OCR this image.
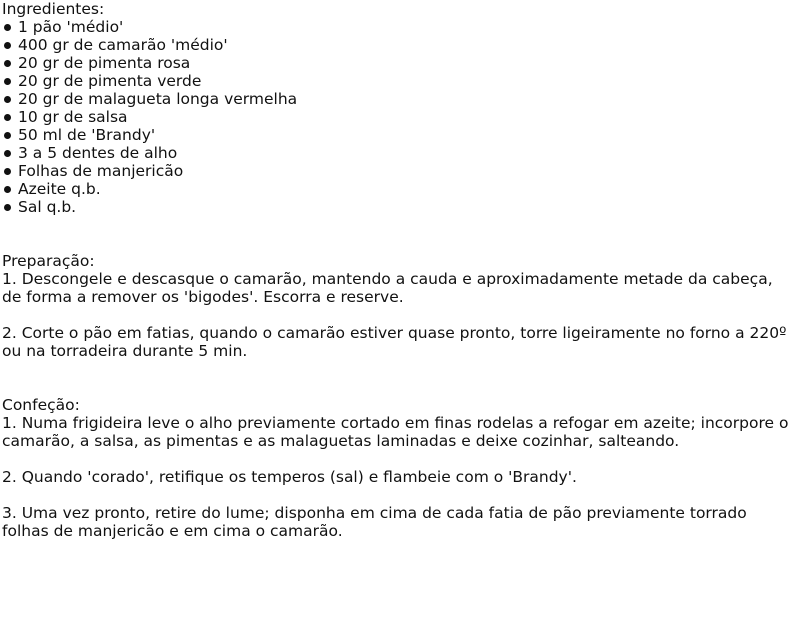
Ingredientes:

1 pão 'médio'
400 gr de camarão 'médio'
20 gr de pimenta rosa
20 gr de pimenta verde
20 gr de malagueta longa vermelha
10 gr de salsa
50 ml de 'Brandy'
3 a 5 dentes de alho
Folhas de manjericão
Azeite q.b.
Sal q.b.

Preparação:

1. Descongele e descasque o camarão, mantendo a cauda e aproximadamente metade da cabeça, de forma a remover os 'bigodes'. Escorra e reserve.

2. Corte o pão em fatias, quando o camarão estiver quase pronto, torre ligeiramente no forno a 220º ou na torradeira durante 5 min.

Confeção:

1. Numa frigideira leve o alho previamente cortado em finas rodelas a refogar em azeite; incorpore o camarão, a salsa, as pimentas e as malaguetas laminadas e deixe cozinhar, salteando.

2. Quando 'corado', retifique os temperos (sal) e flambeie com o 'Brandy'.

3. Uma vez pronto, retire do lume; disponha em cima de cada fatia de pão previamente torrado folhas de manjericão e em cima o camarão.
